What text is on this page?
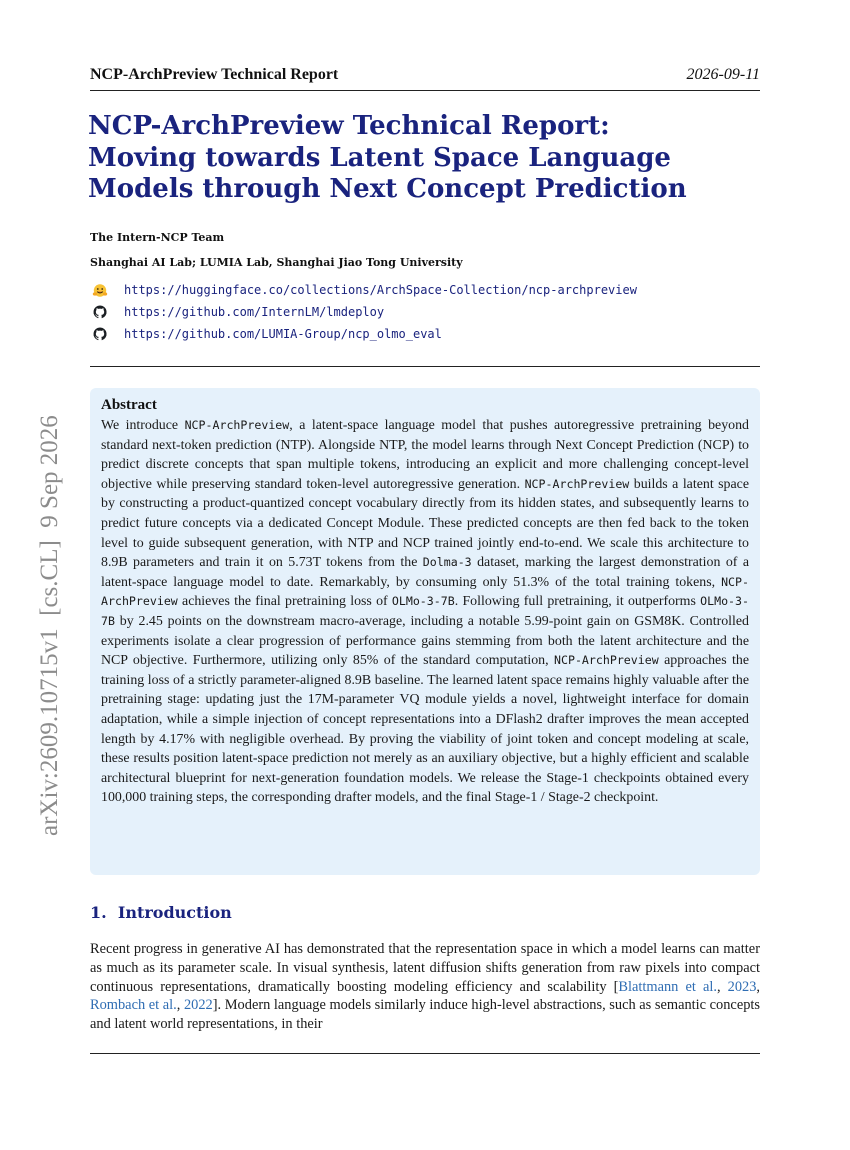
NCP-ArchPreview Technical Report	2026-09-11
NCP-ArchPreview Technical Report:
Moving towards Latent Space Language
Models through Next Concept Prediction
The Intern-NCP Team
Shanghai AI Lab; LUMIA Lab, Shanghai Jiao Tong University
https://huggingface.co/collections/ArchSpace-Collection/ncp-archpreview
https://github.com/InternLM/lmdeploy
https://github.com/LUMIA-Group/ncp_olmo_eval
Abstract

We introduce NCP-ArchPreview, a latent-space language model that pushes autoregressive pretraining beyond standard next-token prediction (NTP). Alongside NTP, the model learns through Next Concept Prediction (NCP) to predict discrete concepts that span multiple tokens, introducing an explicit and more challenging concept-level objective while preserving standard token-level autoregressive generation. NCP-ArchPreview builds a latent space by constructing a product-quantized concept vocabulary directly from its hidden states, and subsequently learns to predict future concepts via a dedicated Concept Module. These predicted concepts are then fed back to the token level to guide subsequent generation, with NTP and NCP trained jointly end-to-end. We scale this architecture to 8.9B parameters and train it on 5.73T tokens from the Dolma-3 dataset, marking the largest demonstration of a latent-space language model to date. Remarkably, by consuming only 51.3% of the total training tokens, NCP-ArchPreview achieves the final pretraining loss of OLMo-3-7B. Following full pretraining, it outperforms OLMo-3-7B by 2.45 points on the downstream macro-average, including a notable 5.99-point gain on GSM8K. Controlled experiments isolate a clear progression of performance gains stemming from both the latent architecture and the NCP objective. Furthermore, utilizing only 85% of the standard computation, NCP-ArchPreview approaches the training loss of a strictly parameter-aligned 8.9B baseline. The learned latent space remains highly valuable after the pretraining stage: updating just the 17M-parameter VQ module yields a novel, lightweight interface for domain adaptation, while a simple injection of concept representations into a DFlash2 drafter improves the mean accepted length by 4.17% with negligible overhead. By proving the viability of joint token and concept modeling at scale, these results position latent-space prediction not merely as an auxiliary objective, but a highly efficient and scalable architectural blueprint for next-generation foundation models. We release the Stage-1 checkpoints obtained every 100,000 training steps, the corresponding drafter models, and the final Stage-1 / Stage-2 checkpoint.

1. Introduction

Recent progress in generative AI has demonstrated that the representation space in which a model learns can matter as much as its parameter scale. In visual synthesis, latent diffusion shifts generation from raw pixels into compact continuous representations, dramatically boosting modeling efficiency and scalability [Blattmann et al., 2023, Rombach et al., 2022]. Modern language models similarly induce high-level abstractions, such as semantic concepts and latent world representations, in their

arXiv:2609.10715v1  [cs.CL]  9 Sep 2026
